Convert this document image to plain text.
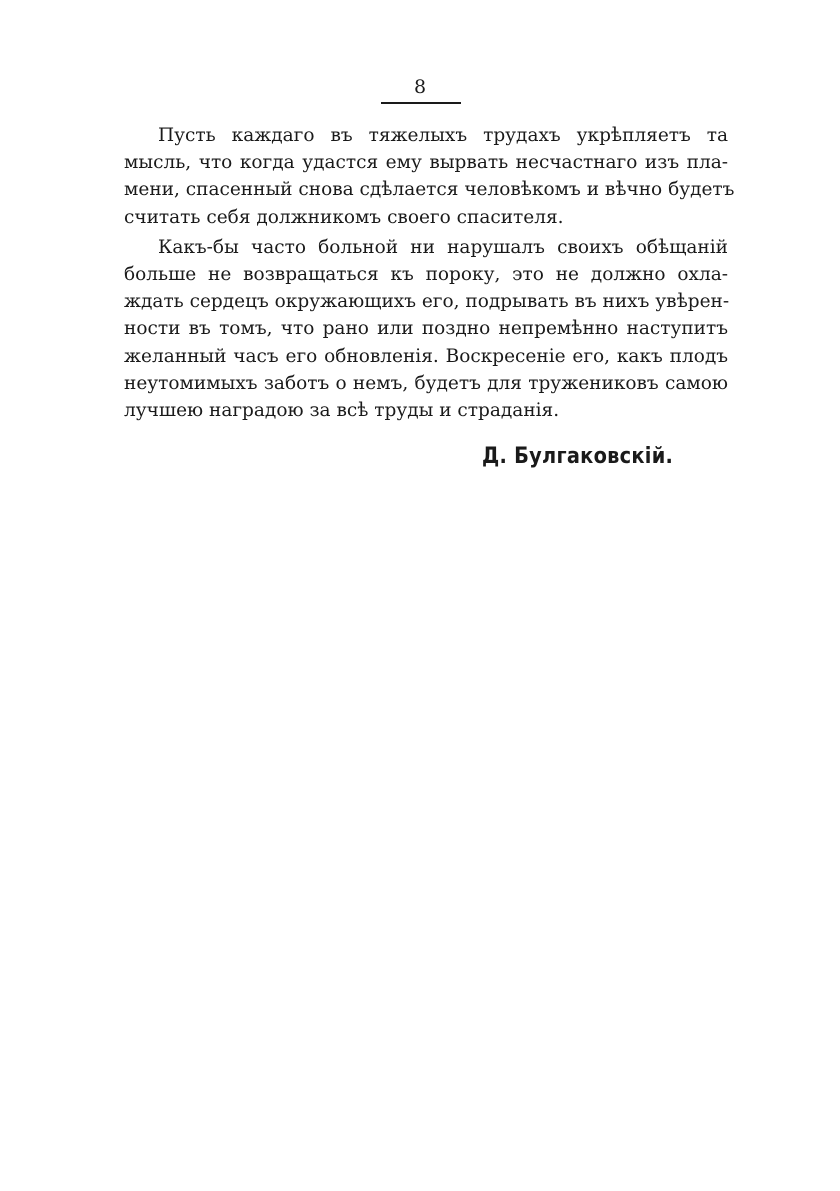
8

Пусть каждаго въ тяжелыхъ трудахъ укрѣпляетъ та
мысль, что когда удастся ему вырвать несчастнаго изъ пла-
мени, спасенный снова сдѣлается человѣкомъ и вѣчно будетъ
считать себя должникомъ своего спасителя.

Какъ-бы часто больной ни нарушалъ своихъ обѣщаній
больше не возвращаться къ пороку, это не должно охла-
ждать сердецъ окружающихъ его, подрывать въ нихъ увѣрен-
ности въ томъ, что рано или поздно непремѣнно наступитъ
желанный часъ его обновленія. Воскресеніе его, какъ плодъ
неутомимыхъ заботъ о немъ, будетъ для тружениковъ самою
лучшею наградою за всѣ труды и страданія.

Д. Булгаковскій.
